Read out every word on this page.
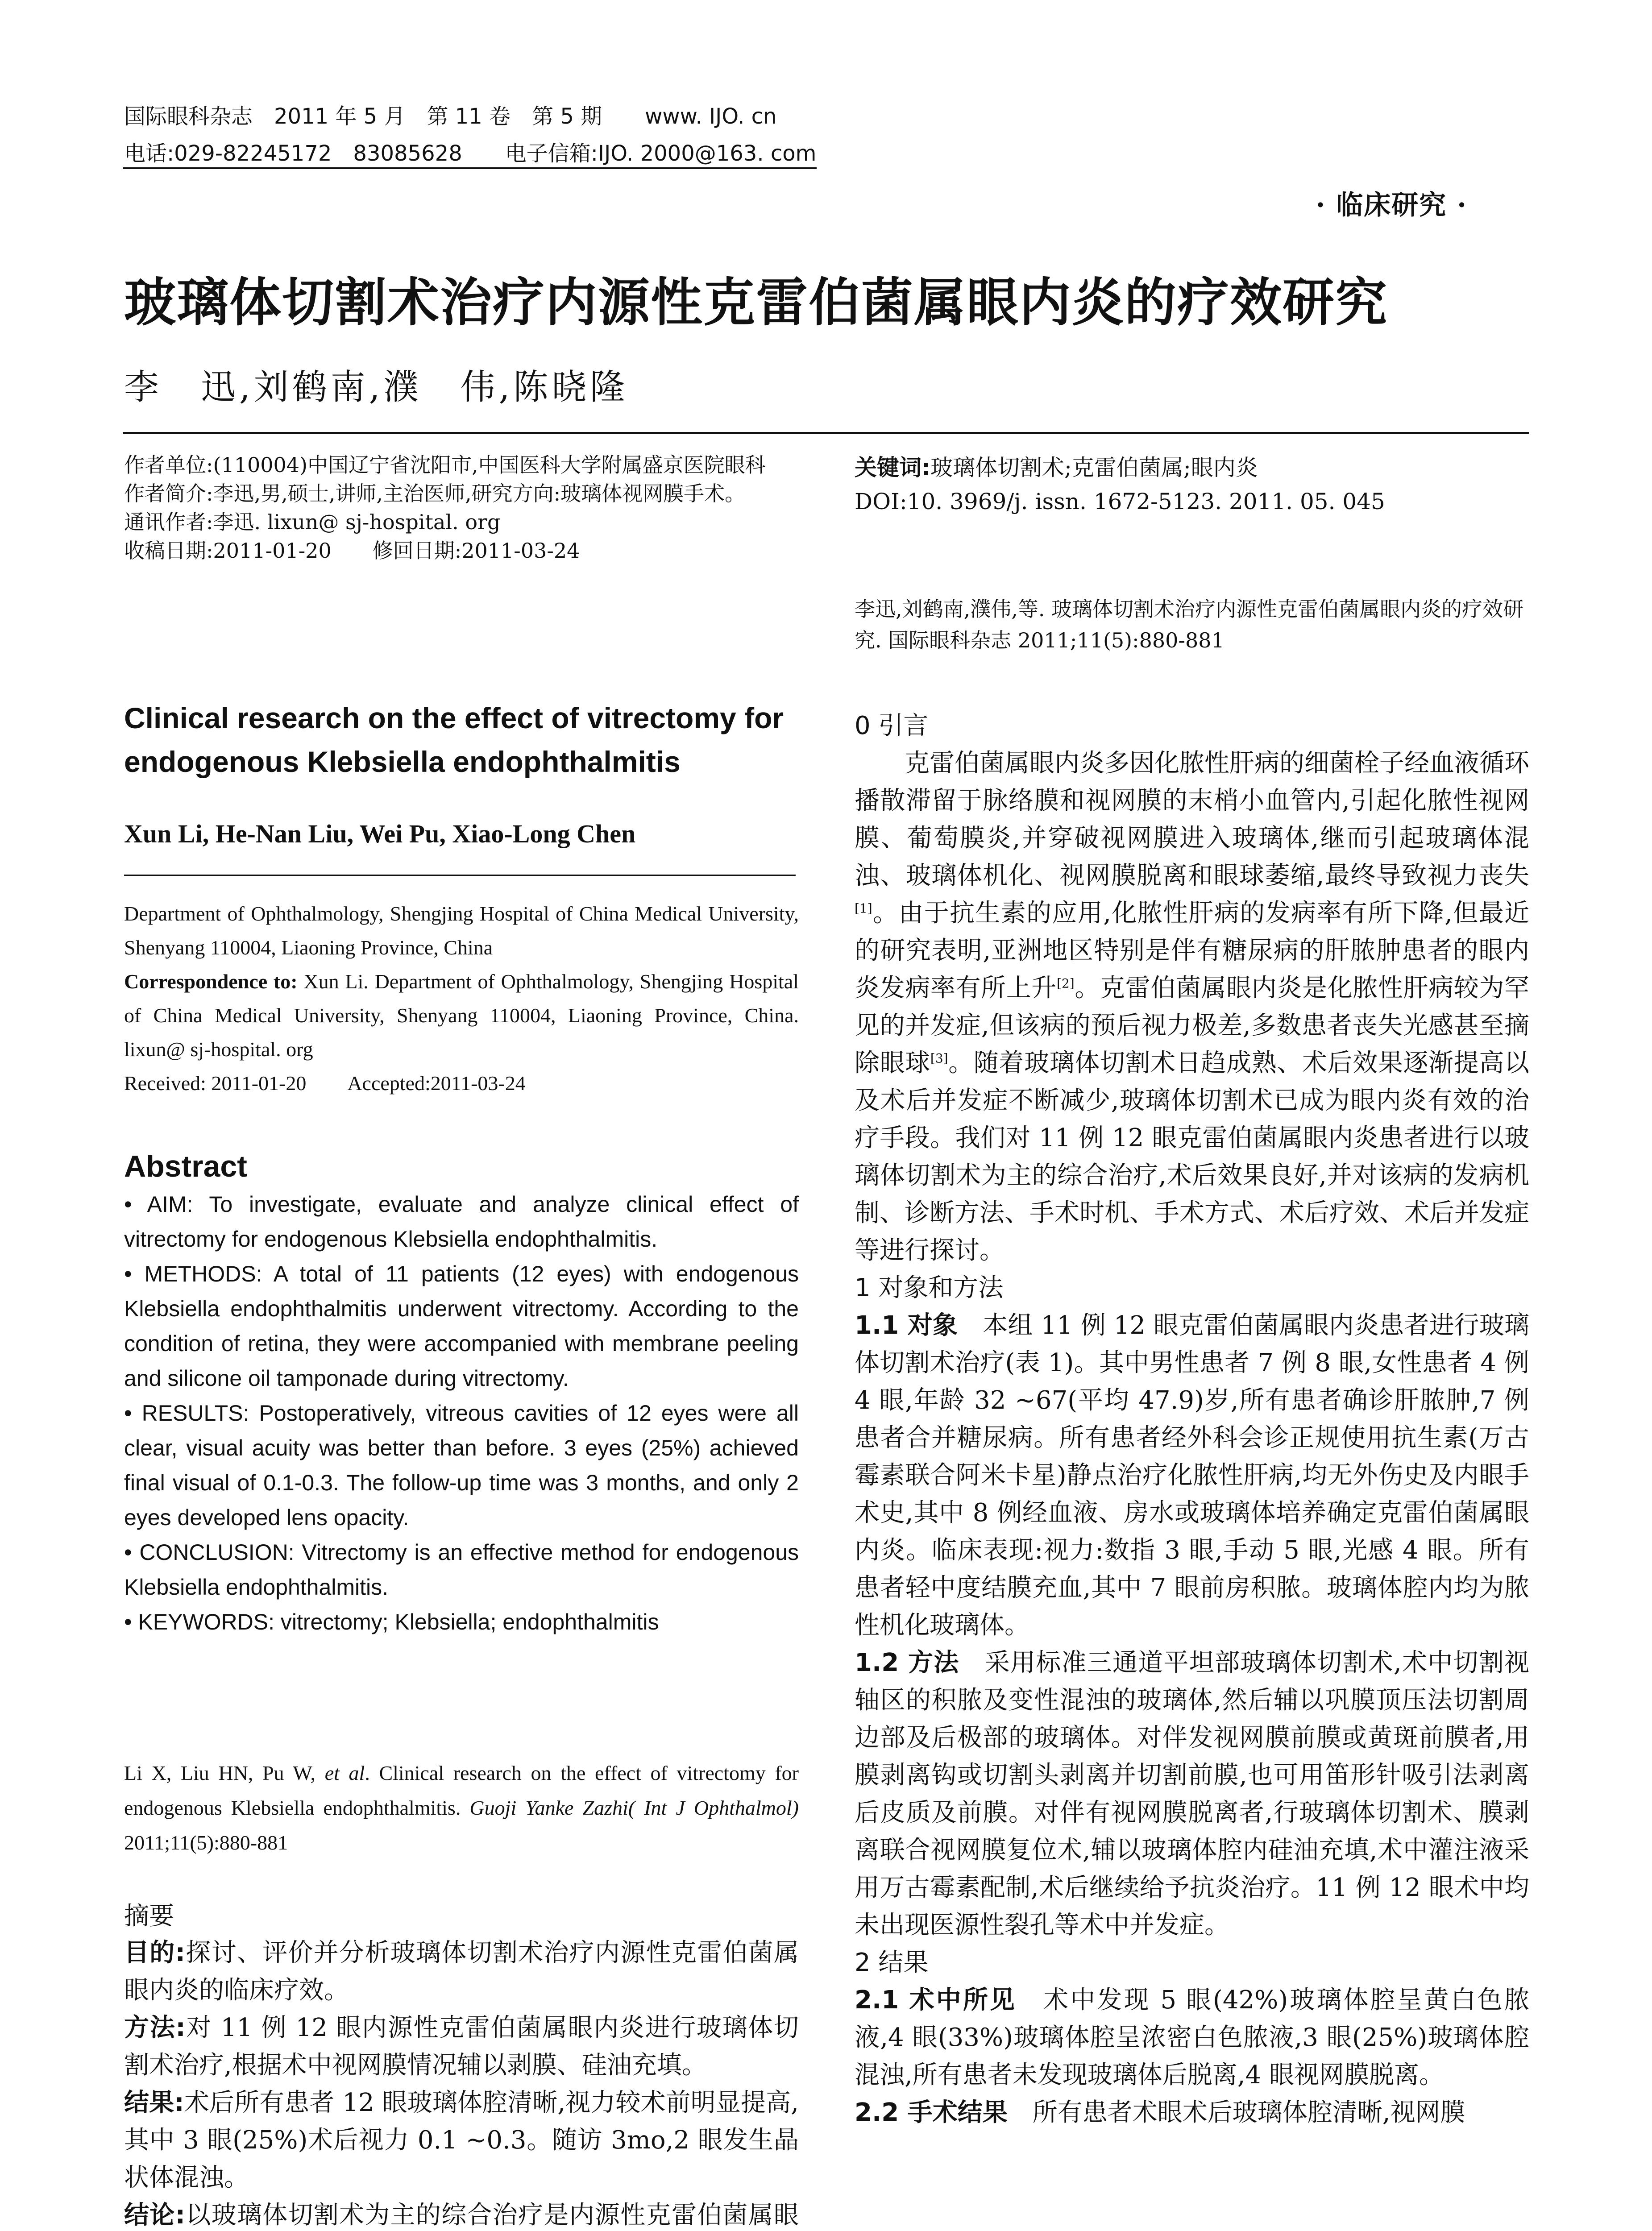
国际眼科杂志　2011 年 5 月　第 11 卷　第 5 期　　www. IJO. cn
电话:029-82245172　83085628　　电子信箱:IJO. 2000@163. com
· 临床研究 ·
玻璃体切割术治疗内源性克雷伯菌属眼内炎的疗效研究
李　迅,刘鹤南,濮　伟,陈晓隆
作者单位:(110004)中国辽宁省沈阳市,中国医科大学附属盛京医院眼科
作者简介:李迅,男,硕士,讲师,主治医师,研究方向:玻璃体视网膜手术。
通讯作者:李迅. lixun@ sj-hospital. org
收稿日期:2011-01-20　　修回日期:2011-03-24
Clinical research on the effect of vitrectomy for endogenous Klebsiella endophthalmitis
Xun Li, He-Nan Liu, Wei Pu, Xiao-Long Chen
Department of Ophthalmology, Shengjing Hospital of China Medical University, Shenyang 110004, Liaoning Province, China
Correspondence to: Xun Li. Department of Ophthalmology, Shengjing Hospital of China Medical University, Shenyang 110004, Liaoning Province, China. lixun@ sj-hospital. org
Received: 2011-01-20　　Accepted:2011-03-24
Abstract

• AIM: To investigate, evaluate and analyze clinical effect of vitrectomy for endogenous Klebsiella endophthalmitis.

• METHODS: A total of 11 patients (12 eyes) with endogenous Klebsiella endophthalmitis underwent vitrectomy. According to the condition of retina, they were accompanied with membrane peeling and silicone oil tamponade during vitrectomy.

• RESULTS: Postoperatively, vitreous cavities of 12 eyes were all clear, visual acuity was better than before. 3 eyes (25%) achieved final visual of 0.1-0.3. The follow-up time was 3 months, and only 2 eyes developed lens opacity.

• CONCLUSION: Vitrectomy is an effective method for endogenous Klebsiella endophthalmitis.

• KEYWORDS: vitrectomy; Klebsiella; endophthalmitis

Li X, Liu HN, Pu W, et al. Clinical research on the effect of vitrectomy for endogenous Klebsiella endophthalmitis. Guoji Yanke Zazhi( Int J Ophthalmol) 2011;11(5):880-881
摘要

目的:探讨、评价并分析玻璃体切割术治疗内源性克雷伯菌属眼内炎的临床疗效。

方法:对 11 例 12 眼内源性克雷伯菌属眼内炎进行玻璃体切割术治疗,根据术中视网膜情况辅以剥膜、硅油充填。

结果:术后所有患者 12 眼玻璃体腔清晰,视力较术前明显提高,其中 3 眼(25%)术后视力 0.1 ~0.3。随访 3mo,2 眼发生晶状体混浊。

结论:以玻璃体切割术为主的综合治疗是内源性克雷伯菌属眼

关键词:玻璃体切割术;克雷伯菌属;眼内炎

DOI:10. 3969/j. issn. 1672-5123. 2011. 05. 045

李迅,刘鹤南,濮伟,等. 玻璃体切割术治疗内源性克雷伯菌属眼内炎的疗效研究. 国际眼科杂志 2011;11(5):880-881

0 引言

克雷伯菌属眼内炎多因化脓性肝病的细菌栓子经血液循环播散滞留于脉络膜和视网膜的末梢小血管内,引起化脓性视网膜、葡萄膜炎,并穿破视网膜进入玻璃体,继而引起玻璃体混浊、玻璃体机化、视网膜脱离和眼球萎缩,最终导致视力丧失[1]。由于抗生素的应用,化脓性肝病的发病率有所下降,但最近的研究表明,亚洲地区特别是伴有糖尿病的肝脓肿患者的眼内炎发病率有所上升[2]。克雷伯菌属眼内炎是化脓性肝病较为罕见的并发症,但该病的预后视力极差,多数患者丧失光感甚至摘除眼球[3]。随着玻璃体切割术日趋成熟、术后效果逐渐提高以及术后并发症不断减少,玻璃体切割术已成为眼内炎有效的治疗手段。我们对 11 例 12 眼克雷伯菌属眼内炎患者进行以玻璃体切割术为主的综合治疗,术后效果良好,并对该病的发病机制、诊断方法、手术时机、手术方式、术后疗效、术后并发症等进行探讨。

1 对象和方法

1.1 对象　本组 11 例 12 眼克雷伯菌属眼内炎患者进行玻璃体切割术治疗(表 1)。其中男性患者 7 例 8 眼,女性患者 4 例 4 眼,年龄 32 ~67(平均 47.9)岁,所有患者确诊肝脓肿,7 例患者合并糖尿病。所有患者经外科会诊正规使用抗生素(万古霉素联合阿米卡星)静点治疗化脓性肝病,均无外伤史及内眼手术史,其中 8 例经血液、房水或玻璃体培养确定克雷伯菌属眼内炎。临床表现:视力:数指 3 眼,手动 5 眼,光感 4 眼。所有患者轻中度结膜充血,其中 7 眼前房积脓。玻璃体腔内均为脓性机化玻璃体。
1.2 方法　采用标准三通道平坦部玻璃体切割术,术中切割视轴区的积脓及变性混浊的玻璃体,然后辅以巩膜顶压法切割周边部及后极部的玻璃体。对伴发视网膜前膜或黄斑前膜者,用膜剥离钩或切割头剥离并切割前膜,也可用笛形针吸引法剥离后皮质及前膜。对伴有视网膜脱离者,行玻璃体切割术、膜剥离联合视网膜复位术,辅以玻璃体腔内硅油充填,术中灌注液采用万古霉素配制,术后继续给予抗炎治疗。11 例 12 眼术中均未出现医源性裂孔等术中并发症。

2 结果

2.1 术中所见　术中发现 5 眼(42%)玻璃体腔呈黄白色脓液,4 眼(33%)玻璃体腔呈浓密白色脓液,3 眼(25%)玻璃体腔混浊,所有患者未发现玻璃体后脱离,4 眼视网膜脱离。
2.2 手术结果　所有患者术眼术后玻璃体腔清晰,视网膜
